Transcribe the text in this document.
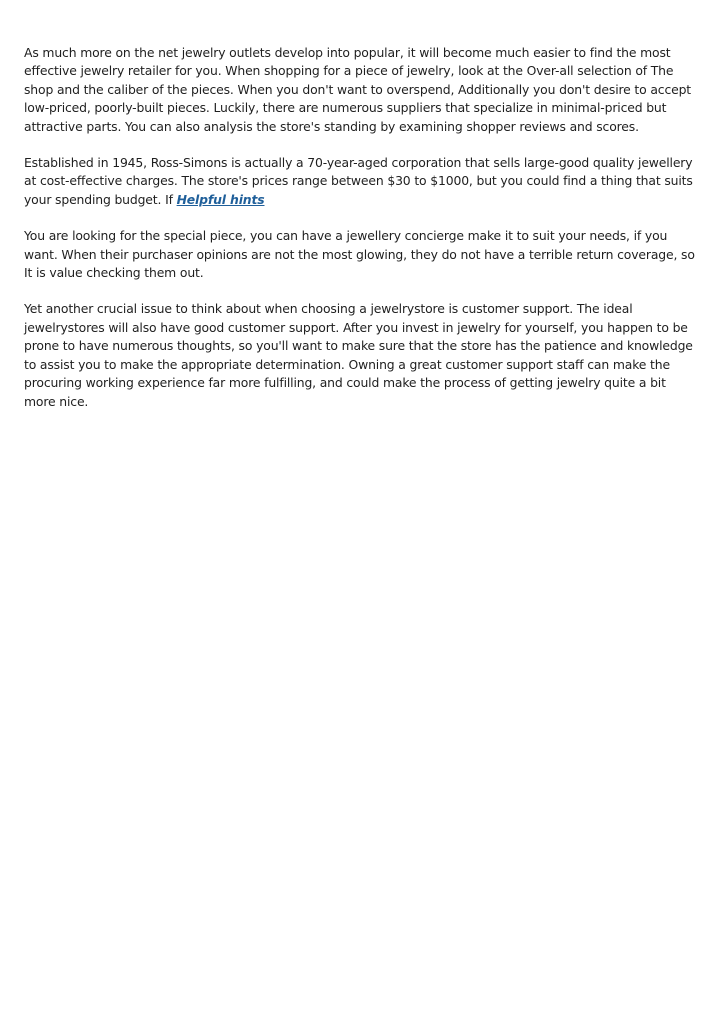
As much more on the net jewelry outlets develop into popular, it will become much easier to find the most effective jewelry retailer for you. When shopping for a piece of jewelry, look at the Over-all selection of The shop and the caliber of the pieces. When you don't want to overspend, Additionally you don't desire to accept low-priced, poorly-built pieces. Luckily, there are numerous suppliers that specialize in minimal-priced but attractive parts. You can also analysis the store's standing by examining shopper reviews and scores.

Established in 1945, Ross-Simons is actually a 70-year-aged corporation that sells large-good quality jewellery at cost-effective charges. The store's prices range between $30 to $1000, but you could find a thing that suits your spending budget. If Helpful hints

You are looking for the special piece, you can have a jewellery concierge make it to suit your needs, if you want. When their purchaser opinions are not the most glowing, they do not have a terrible return coverage, so It is value checking them out.

Yet another crucial issue to think about when choosing a jewelrystore is customer support. The ideal jewelrystores will also have good customer support. After you invest in jewelry for yourself, you happen to be prone to have numerous thoughts, so you'll want to make sure that the store has the patience and knowledge to assist you to make the appropriate determination. Owning a great customer support staff can make the procuring working experience far more fulfilling, and could make the process of getting jewelry quite a bit more nice.
